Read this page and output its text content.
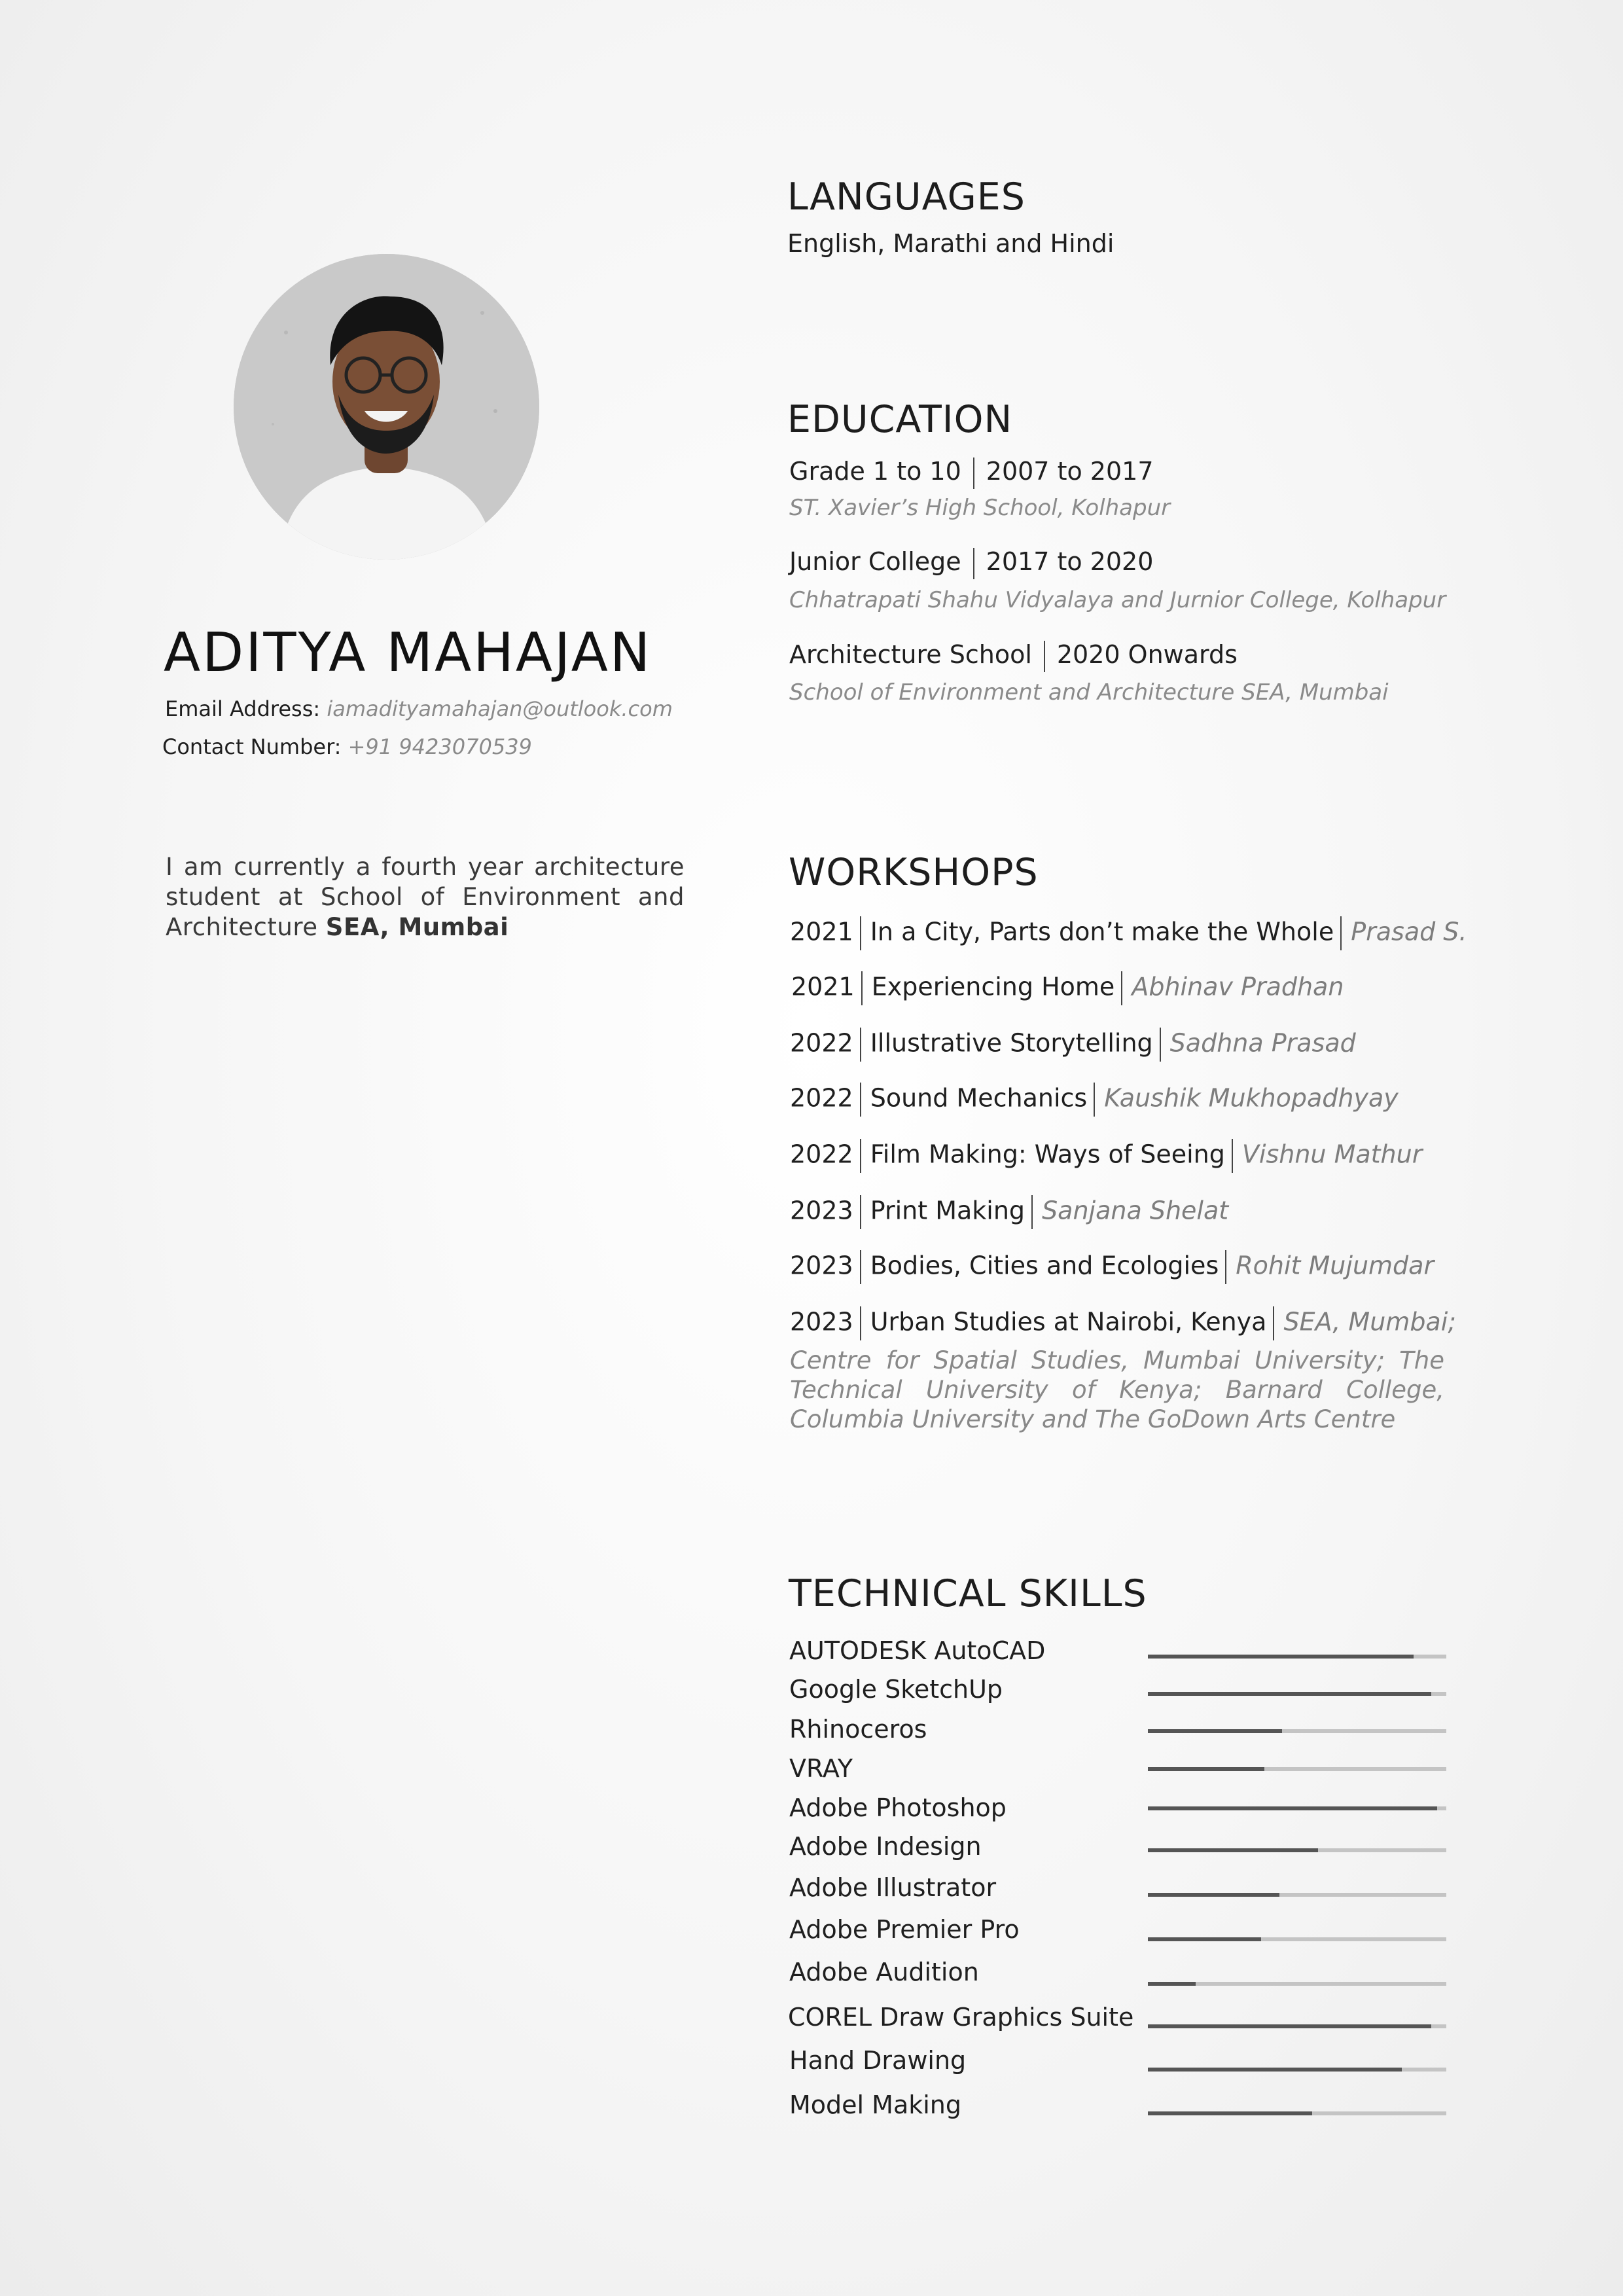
ADITYA MAHAJAN
Email Address: iamadityamahajan@outlook.com
Contact Number: +91 9423070539
I am currently a fourth year architecture student at School of Environment and Architecture SEA, Mumbai
LANGUAGES
English, Marathi and Hindi
EDUCATION
Grade 1 to 10 2007 to 2017
ST. Xavier’s High School, Kolhapur
Junior College 2017 to 2020
Chhatrapati Shahu Vidyalaya and Jurnior College, Kolhapur
Architecture School 2020 Onwards
School of Environment and Architecture SEA, Mumbai
WORKSHOPS
2021 In a City, Parts don’t make the Whole Prasad S.
2021 Experiencing Home Abhinav Pradhan
2022 Illustrative Storytelling Sadhna Prasad
2022 Sound Mechanics Kaushik Mukhopadhyay
2022 Film Making: Ways of Seeing Vishnu Mathur
2023 Print Making Sanjana Shelat
2023 Bodies, Cities and Ecologies Rohit Mujumdar
2023 Urban Studies at Nairobi, Kenya SEA, Mumbai;
Centre for Spatial Studies, Mumbai University; The Technical University of Kenya; Barnard College, Columbia University and The GoDown Arts Centre
TECHNICAL SKILLS
AUTODESK AutoCAD
Google SketchUp
Rhinoceros
VRAY
Adobe Photoshop
Adobe Indesign
Adobe Illustrator
Adobe Premier Pro
Adobe Audition
COREL Draw Graphics Suite
Hand Drawing
Model Making
